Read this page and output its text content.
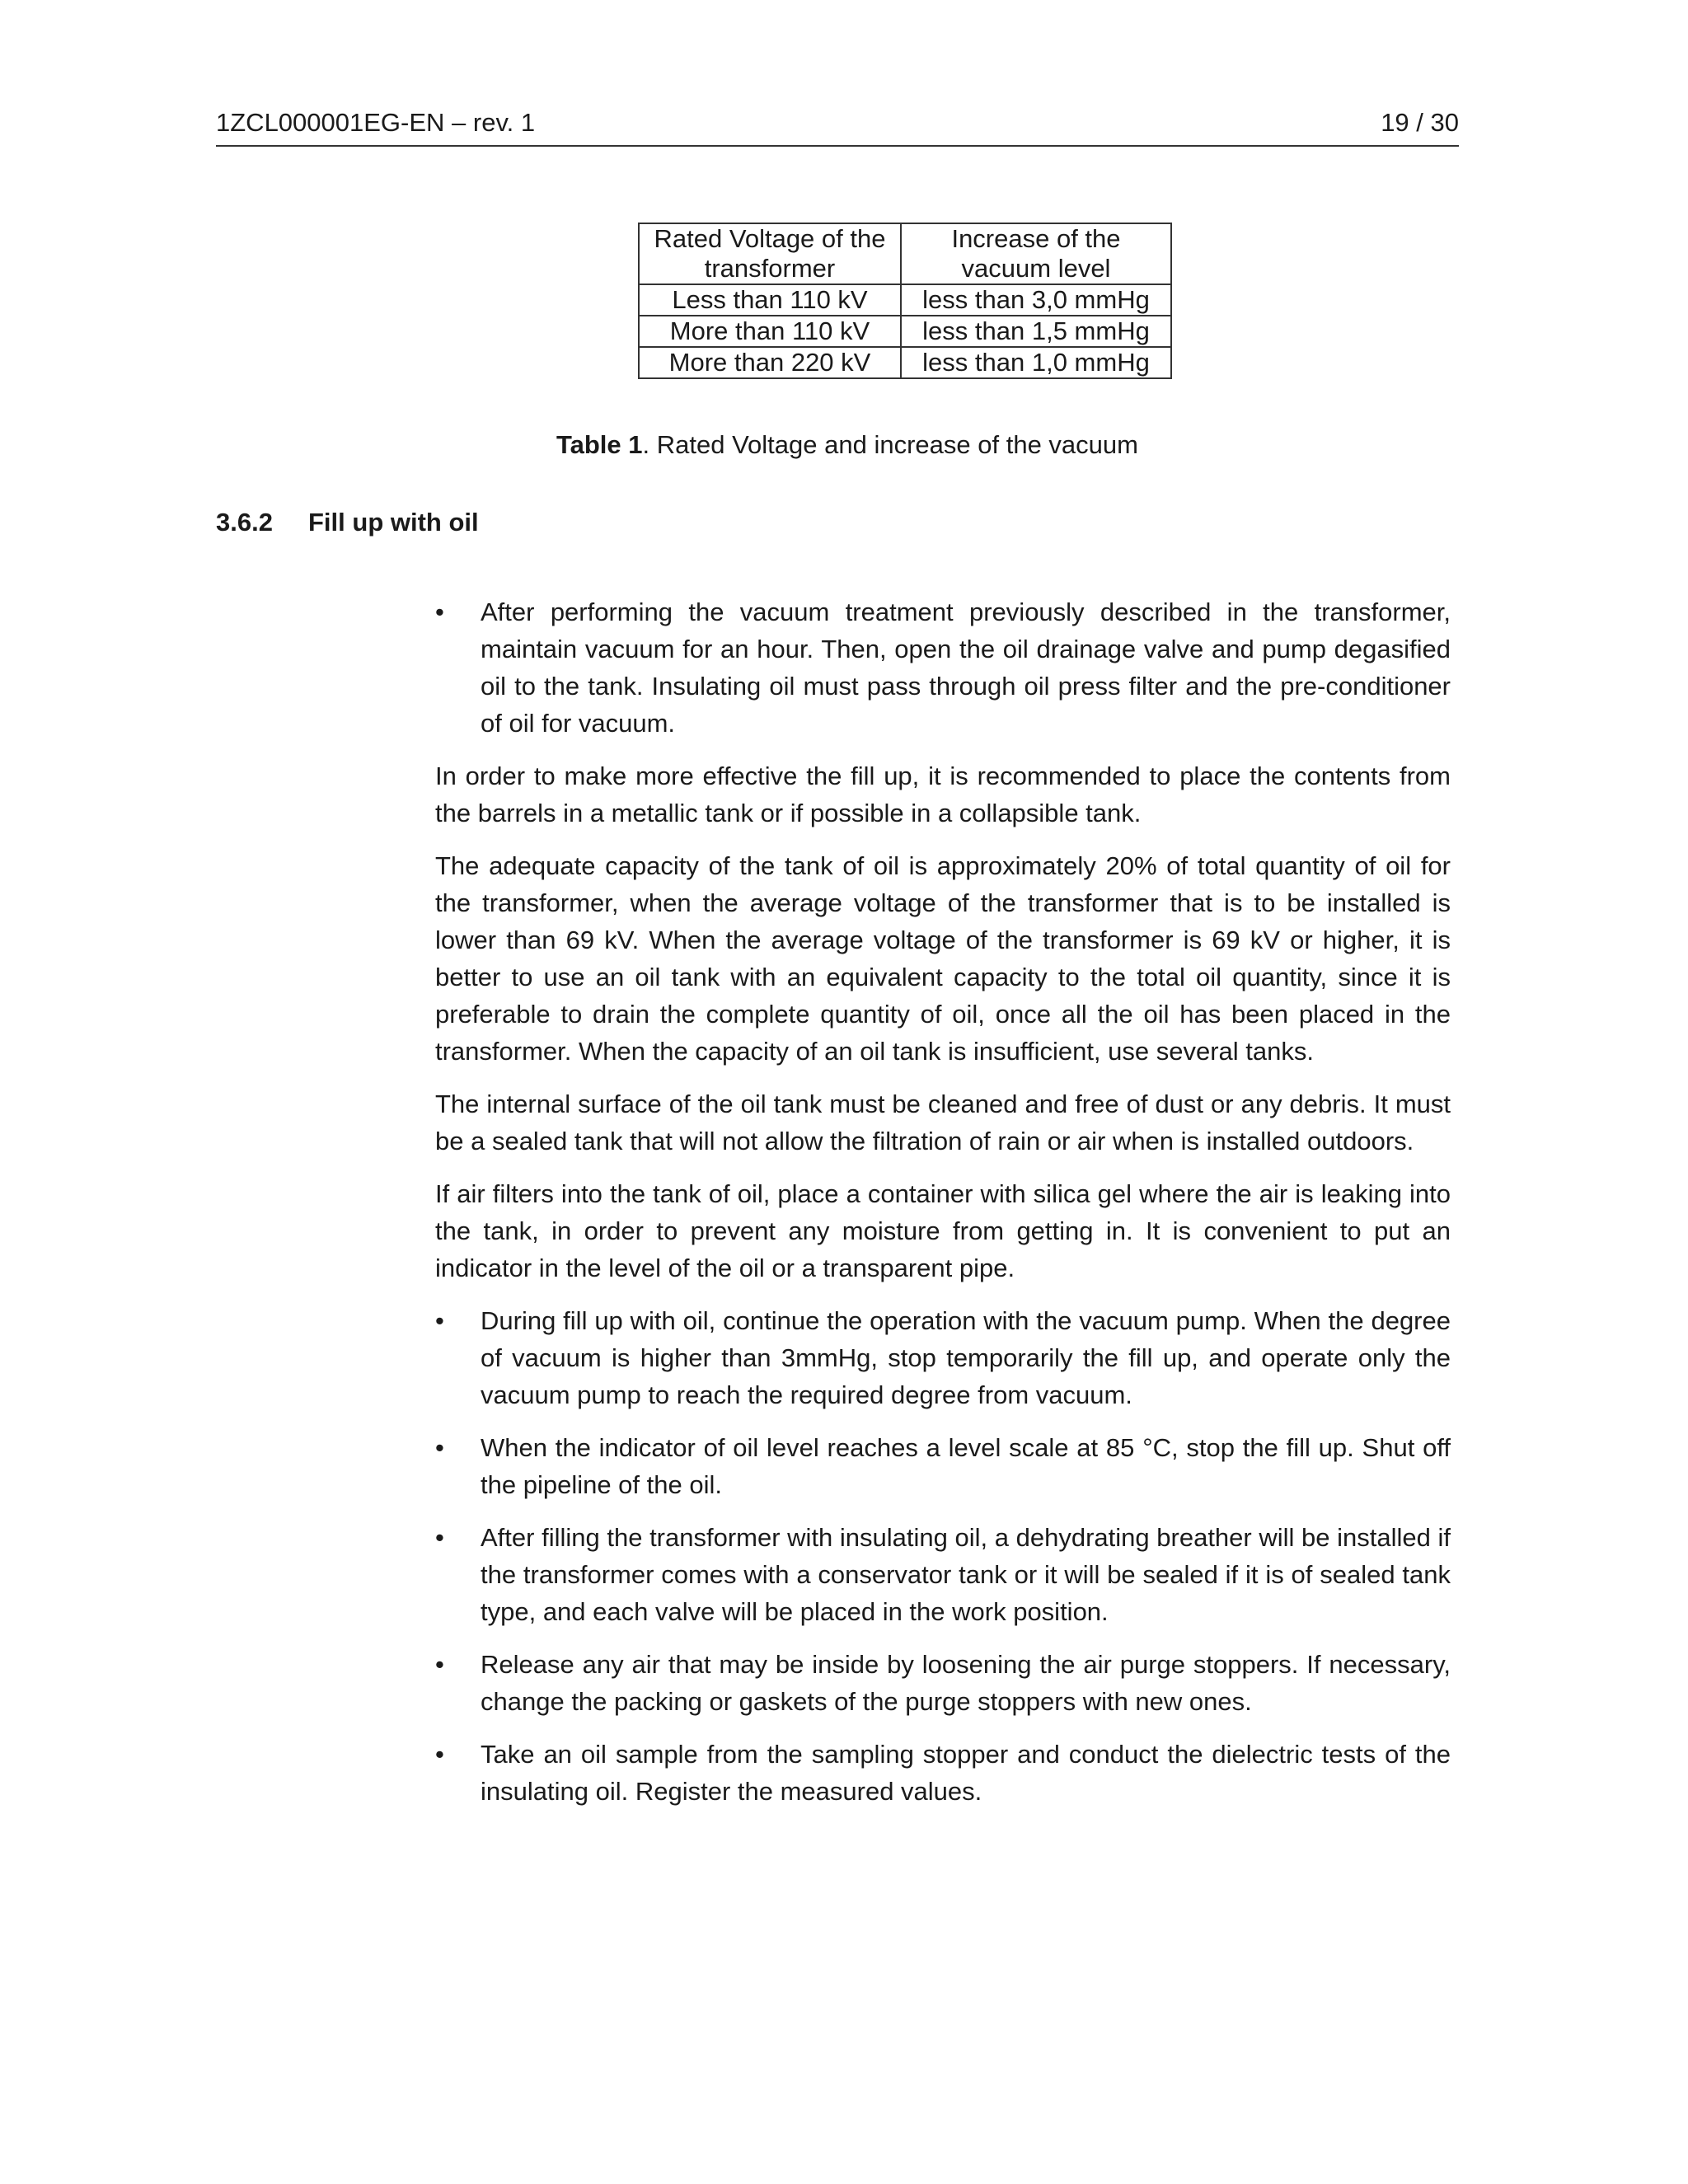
1ZCL000001EG-EN – rev. 1	19 / 30
Rated Voltage of the transformer	Increase of the vacuum level
Less than 110 kV	less than 3,0 mmHg
More than 110 kV	less than 1,5 mmHg
More than 220 kV	less than 1,0 mmHg
Table 1. Rated Voltage and increase of the vacuum
3.6.2 Fill up with oil
• After performing the vacuum treatment previously described in the transformer, maintain vacuum for an hour. Then, open the oil drainage valve and pump degasified oil to the tank. Insulating oil must pass through oil press filter and the pre-conditioner of oil for vacuum.

In order to make more effective the fill up, it is recommended to place the contents from the barrels in a metallic tank or if possible in a collapsible tank.

The adequate capacity of the tank of oil is approximately 20% of total quantity of oil for the transformer, when the average voltage of the transformer that is to be installed is lower than 69 kV. When the average voltage of the transformer is 69 kV or higher, it is better to use an oil tank with an equivalent capacity to the total oil quantity, since it is preferable to drain the complete quantity of oil, once all the oil has been placed in the transformer. When the capacity of an oil tank is insufficient, use several tanks.

The internal surface of the oil tank must be cleaned and free of dust or any debris. It must be a sealed tank that will not allow the filtration of rain or air when is installed outdoors.

If air filters into the tank of oil, place a container with silica gel where the air is leaking into the tank, in order to prevent any moisture from getting in. It is convenient to put an indicator in the level of the oil or a transparent pipe.

• During fill up with oil, continue the operation with the vacuum pump. When the degree of vacuum is higher than 3mmHg, stop temporarily the fill up, and operate only the vacuum pump to reach the required degree from vacuum.
• When the indicator of oil level reaches a level scale at 85 °C, stop the fill up. Shut off the pipeline of the oil.
• After filling the transformer with insulating oil, a dehydrating breather will be installed if the transformer comes with a conservator tank or it will be sealed if it is of sealed tank type, and each valve will be placed in the work position.
• Release any air that may be inside by loosening the air purge stoppers. If necessary, change the packing or gaskets of the purge stoppers with new ones.
• Take an oil sample from the sampling stopper and conduct the dielectric tests of the insulating oil. Register the measured values.
